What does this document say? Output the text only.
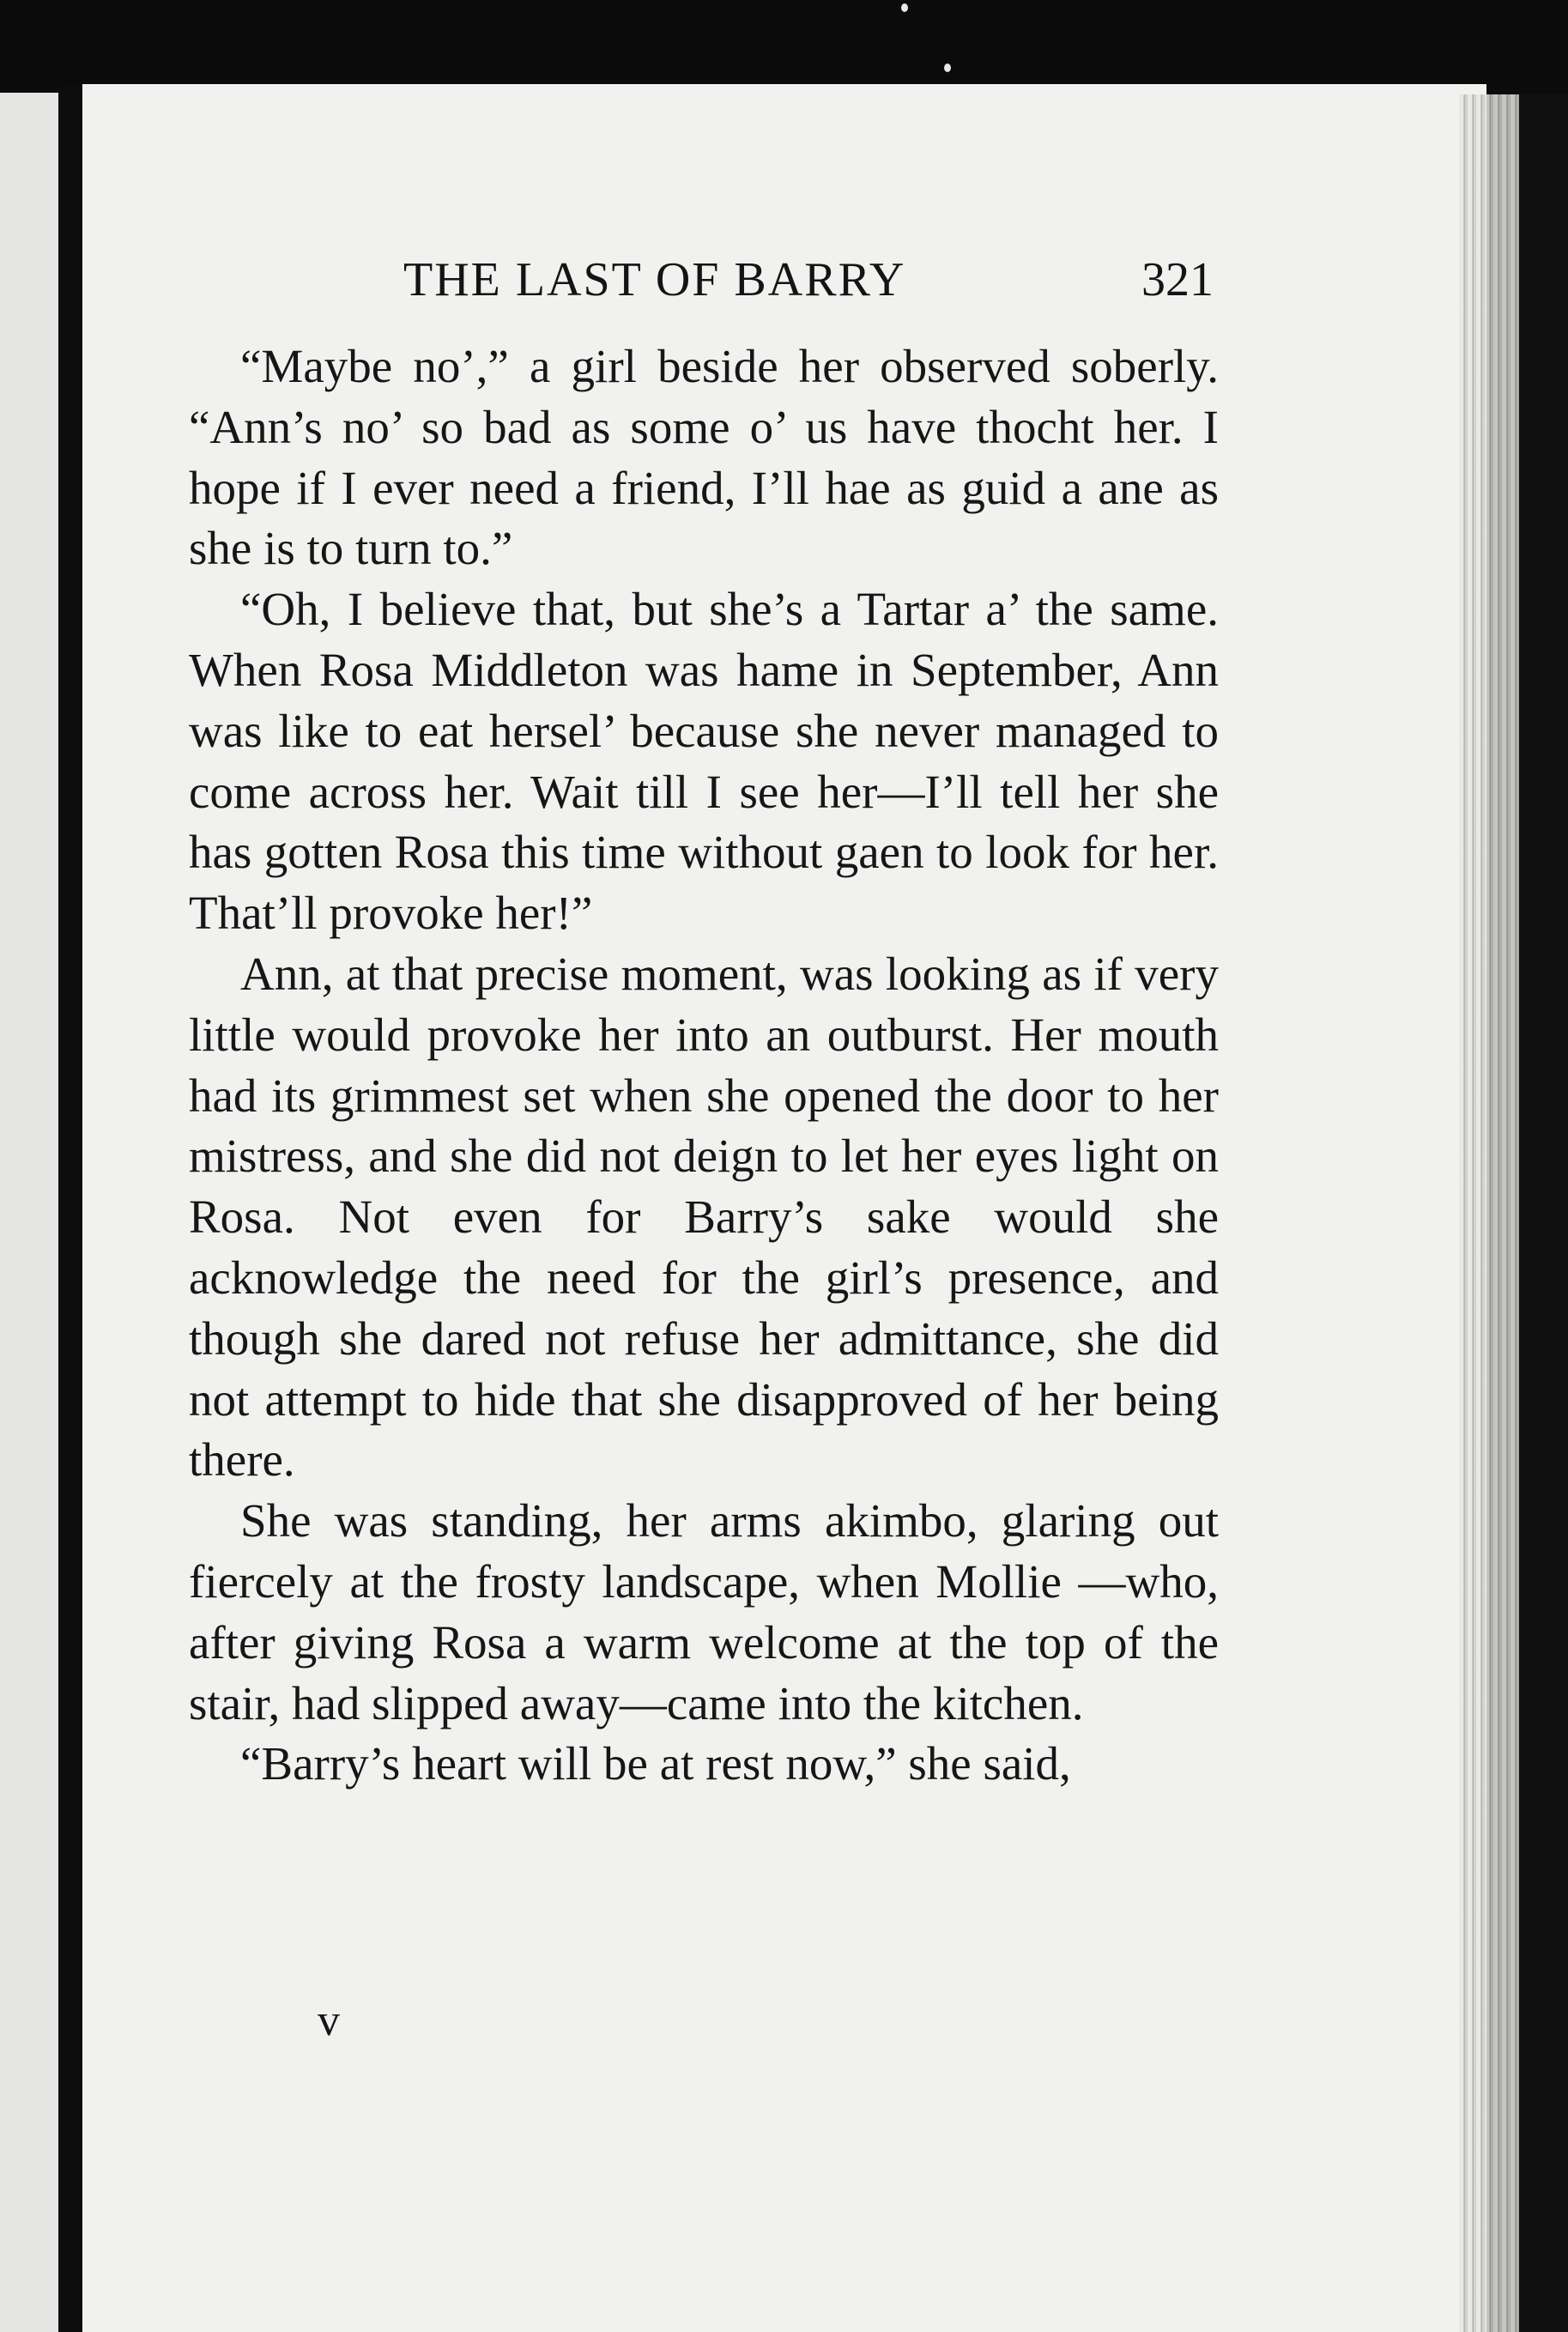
THE LAST OF BARRY	321

“Maybe no’,” a girl beside her observed soberly. “Ann’s no’ so bad as some o’ us have thocht her. I hope if I ever need a friend, I’ll hae as guid a ane as she is to turn to.”

“Oh, I believe that, but she’s a Tartar a’ the same. When Rosa Middleton was hame in September, Ann was like to eat hersel’ because she never managed to come across her. Wait till I see her—I’ll tell her she has gotten Rosa this time without gaen to look for her. That’ll provoke her!”

Ann, at that precise moment, was looking as if very little would provoke her into an outburst. Her mouth had its grimmest set when she opened the door to her mistress, and she did not deign to let her eyes light on Rosa. Not even for Barry’s sake would she acknowledge the need for the girl’s presence, and though she dared not refuse her admittance, she did not attempt to hide that she disapproved of her being there.

She was standing, her arms akimbo, glaring out fiercely at the frosty landscape, when Mollie —who, after giving Rosa a warm welcome at the top of the stair, had slipped away—came into the kitchen.

“Barry’s heart will be at rest now,” she said,

v
